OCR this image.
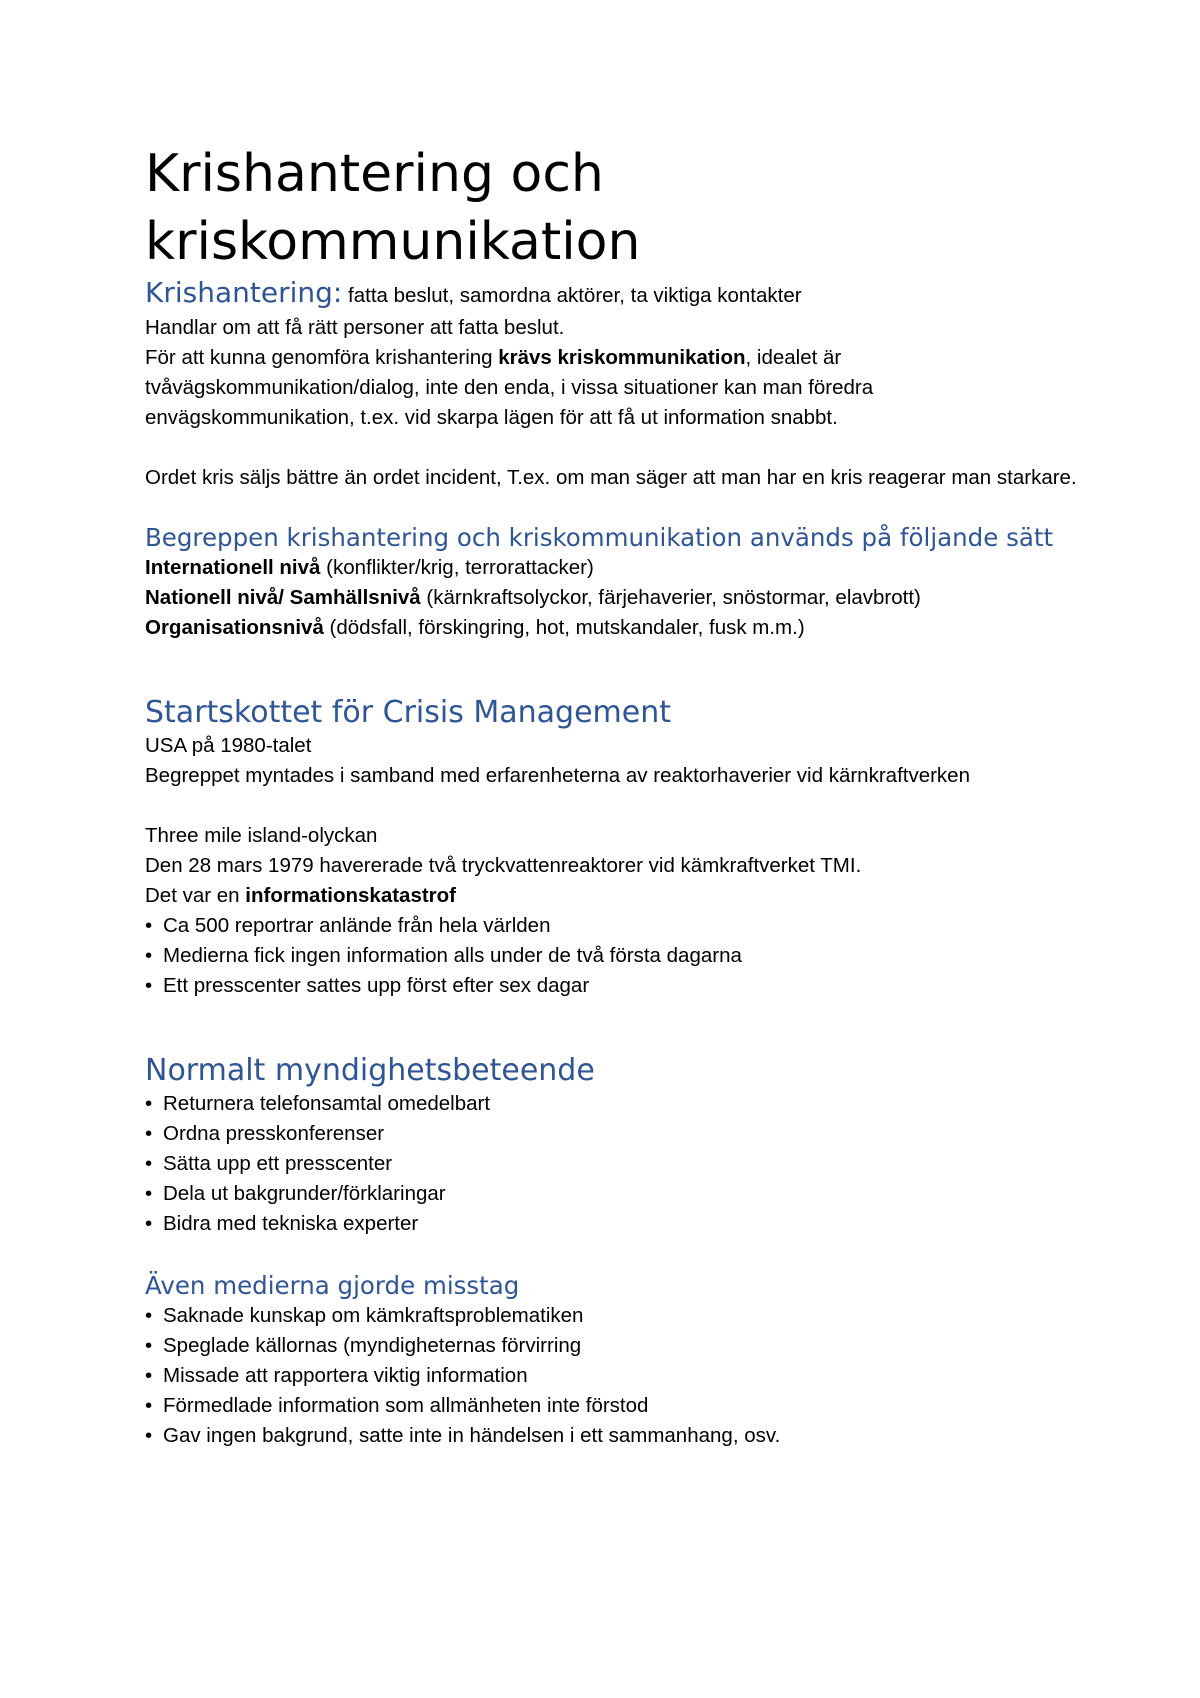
Krishantering och
kriskommunikation
Krishantering: fatta beslut, samordna aktörer, ta viktiga kontakter
Handlar om att få rätt personer att fatta beslut.
För att kunna genomföra krishantering krävs kriskommunikation, idealet är
tvåvägskommunikation/dialog, inte den enda, i vissa situationer kan man föredra
envägskommunikation, t.ex. vid skarpa lägen för att få ut information snabbt.
Ordet kris säljs bättre än ordet incident, T.ex. om man säger att man har en kris reagerar man starkare.
Begreppen krishantering och kriskommunikation används på följande sätt
Internationell nivå (konflikter/krig, terrorattacker)
Nationell nivå/ Samhällsnivå (kärnkraftsolyckor, färjehaverier, snöstormar, elavbrott)
Organisationsnivå (dödsfall, förskingring, hot, mutskandaler, fusk m.m.)
Startskottet för Crisis Management
USA på 1980-talet
Begreppet myntades i samband med erfarenheterna av reaktorhaverier vid kärnkraftverken
Three mile island-olyckan
Den 28 mars 1979 havererade två tryckvattenreaktorer vid kämkraftverket TMI.
Det var en informationskatastrof
• Ca 500 reportrar anlände från hela världen
• Medierna fick ingen information alls under de två första dagarna
• Ett presscenter sattes upp först efter sex dagar
Normalt myndighetsbeteende
• Returnera telefonsamtal omedelbart
• Ordna presskonferenser
• Sätta upp ett presscenter
• Dela ut bakgrunder/förklaringar
• Bidra med tekniska experter
Även medierna gjorde misstag
• Saknade kunskap om kämkraftsproblematiken
• Speglade källornas (myndigheternas förvirring
• Missade att rapportera viktig information
• Förmedlade information som allmänheten inte förstod
• Gav ingen bakgrund, satte inte in händelsen i ett sammanhang, osv.
